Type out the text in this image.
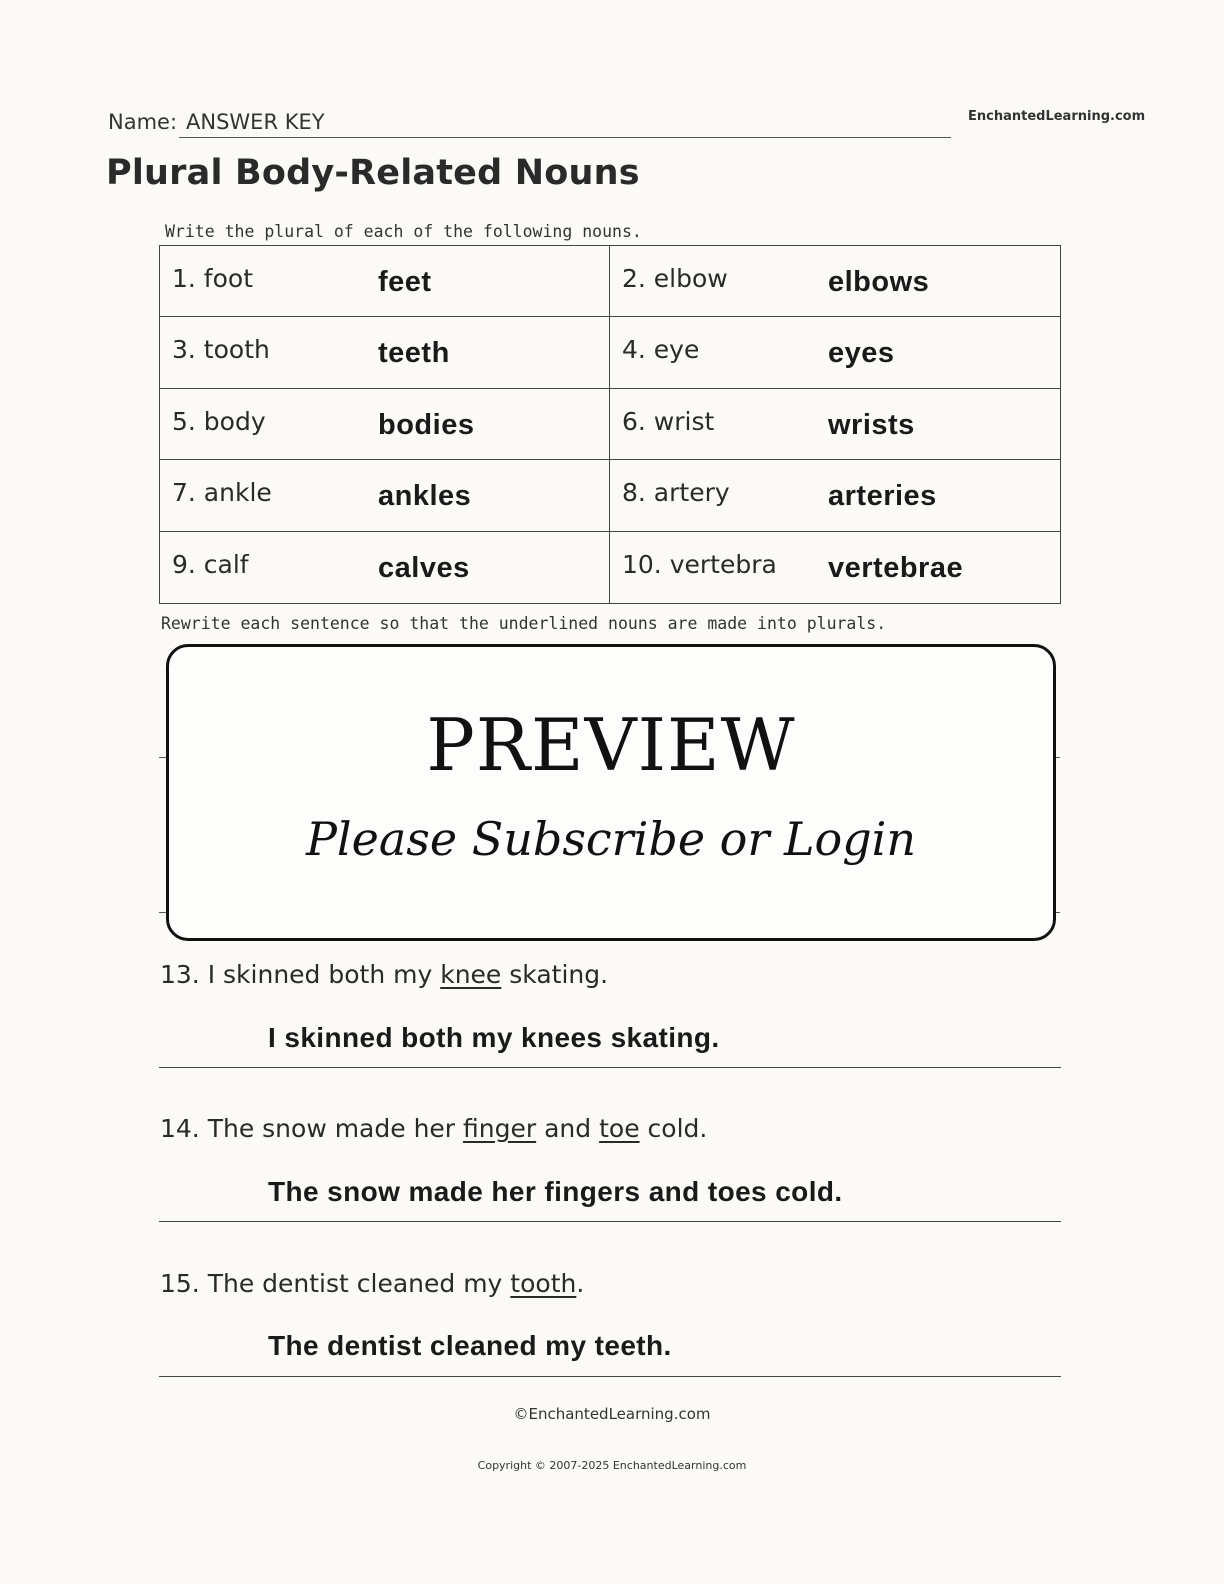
Name: ANSWER KEY	EnchantedLearning.com
Plural Body-Related Nouns
Write the plural of each of the following nouns.
1. foot	feet	2. elbow	elbows
3. tooth	teeth	4. eye	eyes
5. body	bodies	6. wrist	wrists
7. ankle	ankles	8. artery	arteries
9. calf	calves	10. vertebra vertebrae
Rewrite each sentence so that the underlined nouns are made into plurals.
PREVIEW
Please Subscribe or Login
13. I skinned both my knee skating.
I skinned both my knees skating.
14. The snow made her finger and toe cold.
The snow made her fingers and toes cold.
15. The dentist cleaned my tooth.
The dentist cleaned my teeth.
©EnchantedLearning.com
Copyright © 2007-2025 EnchantedLearning.com
